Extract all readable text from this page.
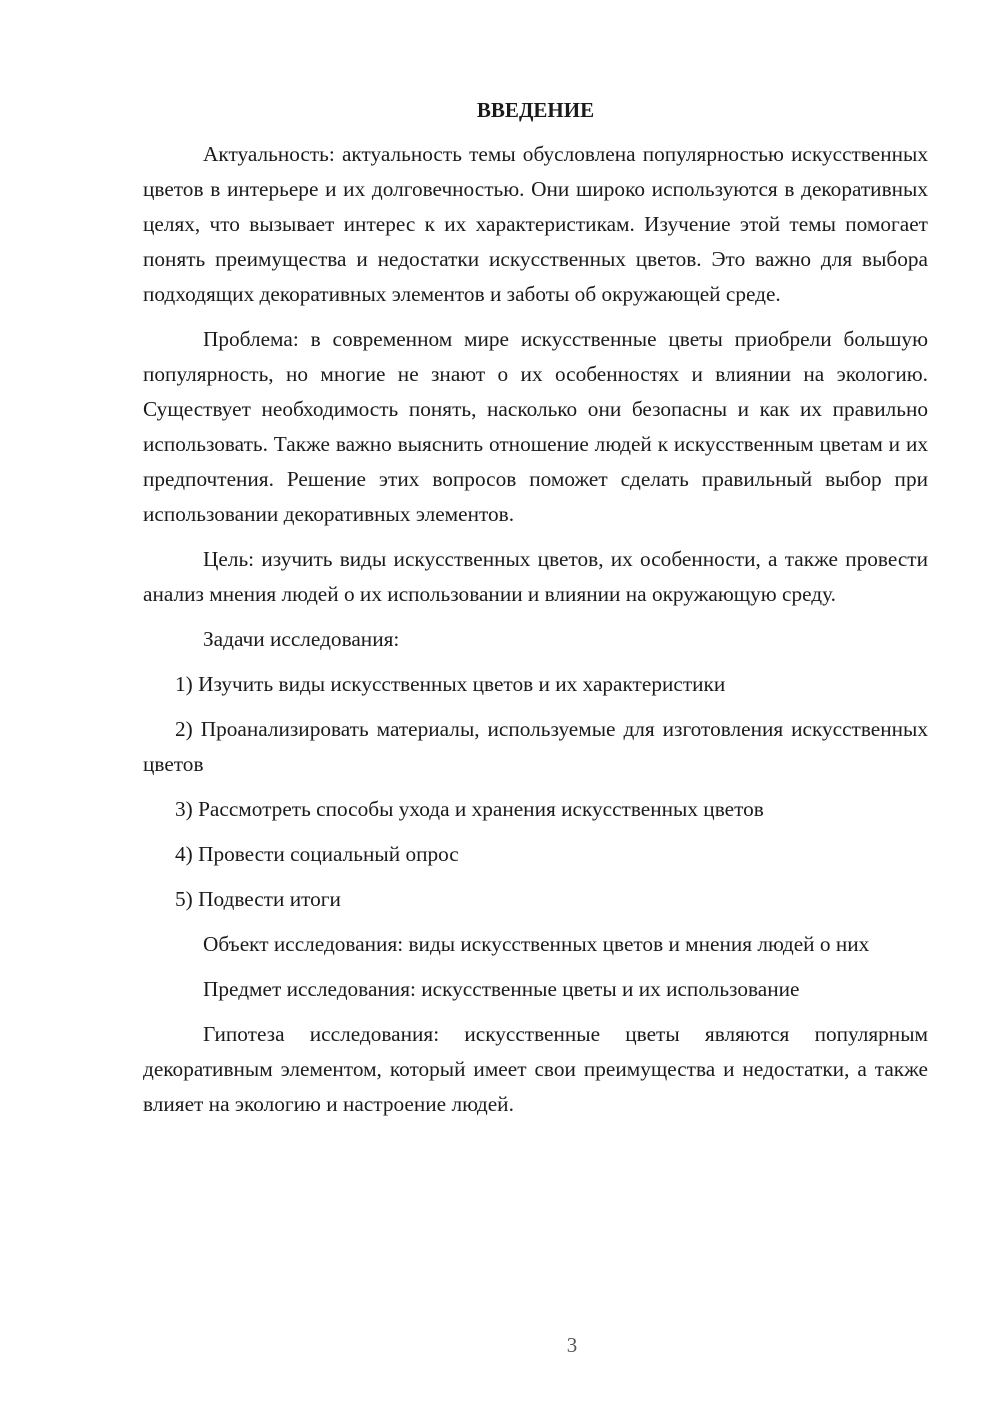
ВВЕДЕНИЕ

Актуальность: актуальность темы обусловлена популярностью искусственных цветов в интерьере и их долговечностью. Они широко используются в декоративных целях, что вызывает интерес к их характеристикам. Изучение этой темы помогает понять преимущества и недостатки искусственных цветов. Это важно для выбора подходящих декоративных элементов и заботы об окружающей среде.

Проблема: в современном мире искусственные цветы приобрели большую популярность, но многие не знают о их особенностях и влиянии на экологию. Существует необходимость понять, насколько они безопасны и как их правильно использовать. Также важно выяснить отношение людей к искусственным цветам и их предпочтения. Решение этих вопросов поможет сделать правильный выбор при использовании декоративных элементов.

Цель: изучить виды искусственных цветов, их особенности, а также провести анализ мнения людей о их использовании и влиянии на окружающую среду.

Задачи исследования:

1) Изучить виды искусственных цветов и их характеристики

2) Проанализировать материалы, используемые для изготовления искусственных цветов

3) Рассмотреть способы ухода и хранения искусственных цветов

4) Провести социальный опрос

5) Подвести итоги

Объект исследования: виды искусственных цветов и мнения людей о них

Предмет исследования: искусственные цветы и их использование

Гипотеза исследования: искусственные цветы являются популярным декоративным элементом, который имеет свои преимущества и недостатки, а также влияет на экологию и настроение людей.

3
